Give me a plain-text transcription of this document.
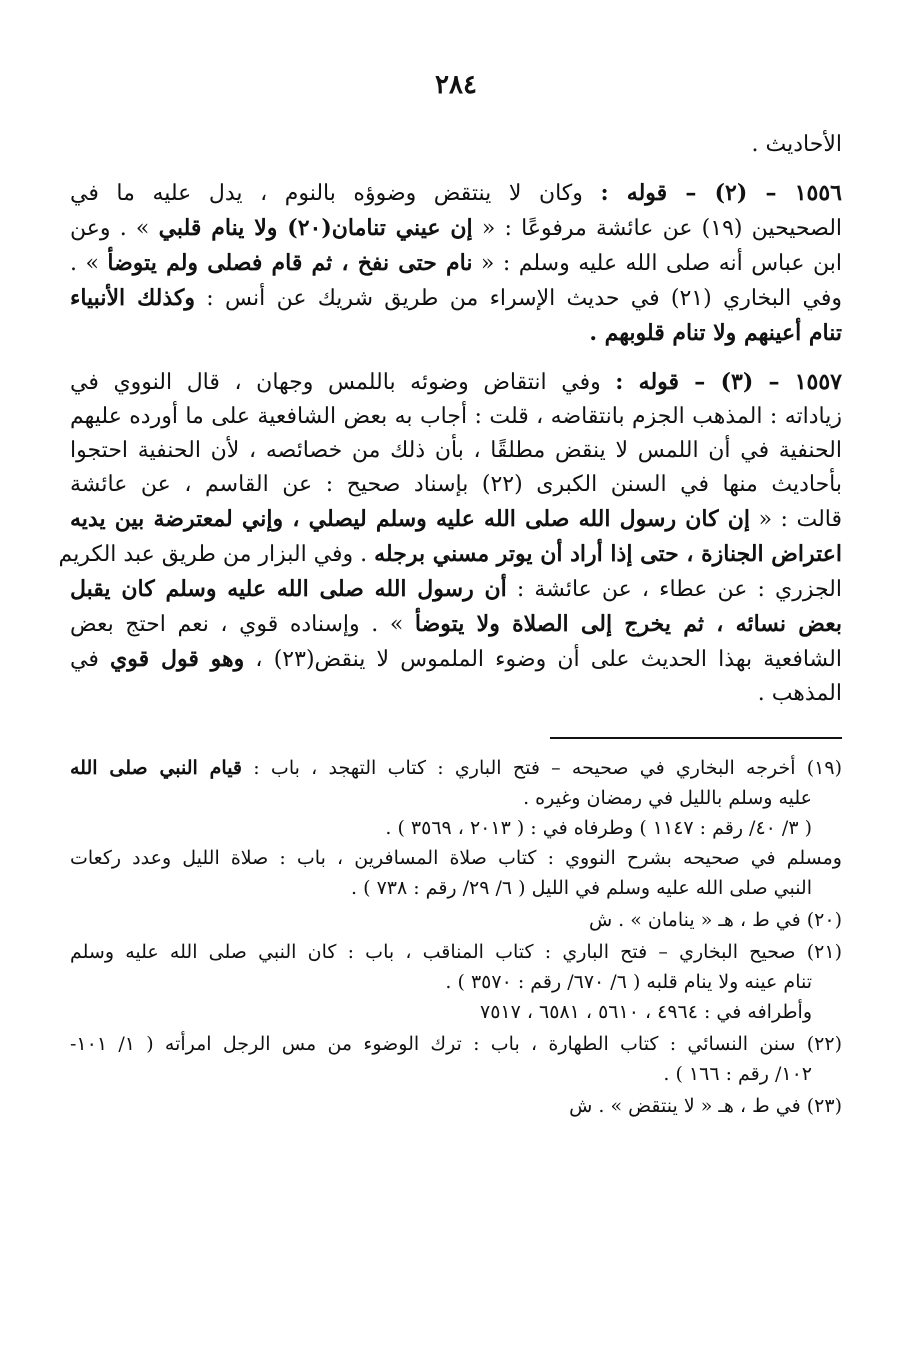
٢٨٤
الأحاديث .
١٥٥٦ – (٢) – قوله : وكان لا ينتقض وضوؤه بالنوم ، يدل عليه ما في
الصحيحين (١٩) عن عائشة مرفوعًا : « إن عيني تنامان(٢٠) ولا ينام قلبي » . وعن
ابن عباس أنه صلى الله عليه وسلم : « نام حتى نفخ ، ثم قام فصلى ولم يتوضأ » .
وفي البخاري (٢١) في حديث الإسراء من طريق شريك عن أنس : وكذلك الأنبياء
تنام أعينهم ولا تنام قلوبهم .
١٥٥٧ – (٣) – قوله : وفي انتقاض وضوئه باللمس وجهان ، قال النووي في
زياداته : المذهب الجزم بانتقاضه ، قلت : أجاب به بعض الشافعية على ما أورده عليهم
الحنفية في أن اللمس لا ينقض مطلقًا ، بأن ذلك من خصائصه ، لأن الحنفية احتجوا
بأحاديث منها في السنن الكبرى (٢٢) بإسناد صحيح : عن القاسم ، عن عائشة
قالت : « إن كان رسول الله صلى الله عليه وسلم ليصلي ، وإني لمعترضة بين يديه
اعتراض الجنازة ، حتى إذا أراد أن يوتر مسني برجله . وفي البزار من طريق عبد الكريم
الجزري : عن عطاء ، عن عائشة : أن رسول الله صلى الله عليه وسلم كان يقبل
بعض نسائه ، ثم يخرج إلى الصلاة ولا يتوضأ » . وإسناده قوي ، نعم احتج بعض
الشافعية بهذا الحديث على أن وضوء الملموس لا ينقض(٢٣) ، وهو قول قوي في
المذهب .
(١٩) أخرجه البخاري في صحيحه – فتح الباري : كتاب التهجد ، باب : قيام النبي صلى الله
عليه وسلم بالليل في رمضان وغيره .
( ٣/ ٤٠/ رقم : ١١٤٧ ) وطرفاه في : ( ٢٠١٣ ، ٣٥٦٩ ) .
ومسلم في صحيحه بشرح النووي : كتاب صلاة المسافرين ، باب : صلاة الليل وعدد ركعات
النبي صلى الله عليه وسلم في الليل ( ٦/ ٢٩/ رقم : ٧٣٨ ) .
(٢٠) في ط ، هـ « ينامان » . ش
(٢١) صحيح البخاري – فتح الباري : كتاب المناقب ، باب : كان النبي صلى الله عليه وسلم
تنام عينه ولا ينام قلبه ( ٦/ ٦٧٠/ رقم : ٣٥٧٠ ) .
وأطرافه في : ٤٩٦٤ ، ٥٦١٠ ، ٦٥٨١ ، ٧٥١٧
(٢٢) سنن النسائي : كتاب الطهارة ، باب : ترك الوضوء من مس الرجل امرأته ( ١/ ١٠١-
١٠٢/ رقم : ١٦٦ ) .
(٢٣) في ط ، هـ « لا ينتقض » . ش
